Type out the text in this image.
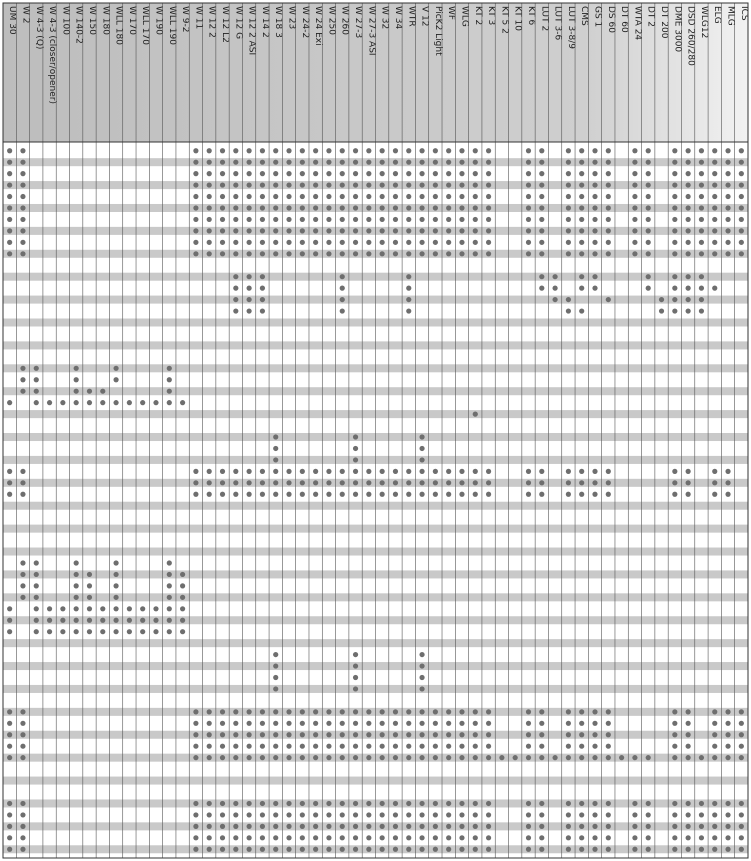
UM 30 W 2 W 4-3 (Q) W 4-3 (closer/opener) W 100 W 140-2 W 150 W 180 WLL 180 W 170 WLL 170 W 190 WLL 190 W 9-2 W 11 W 12 2 W 12 L2 W 12 G W 12 2 ASI W 14 2 W 18 3 W 23 W 24-2 W 24 Exi W 250 W 260 W 27-3 W 27-3 ASI W 32 W 34 WTR V 12 PicK2 Light WF WLG KT 2 KT 3 KT 5 2 KT 10 KT 6 LUT 2 LUT 3-6 LUT 3-8/9 CMS GS 1 DS 60 DT 60 WTA 24 DT 2 DT 200 DME 3000 DSD 260/280 WLG12 ELG MLG ICS
